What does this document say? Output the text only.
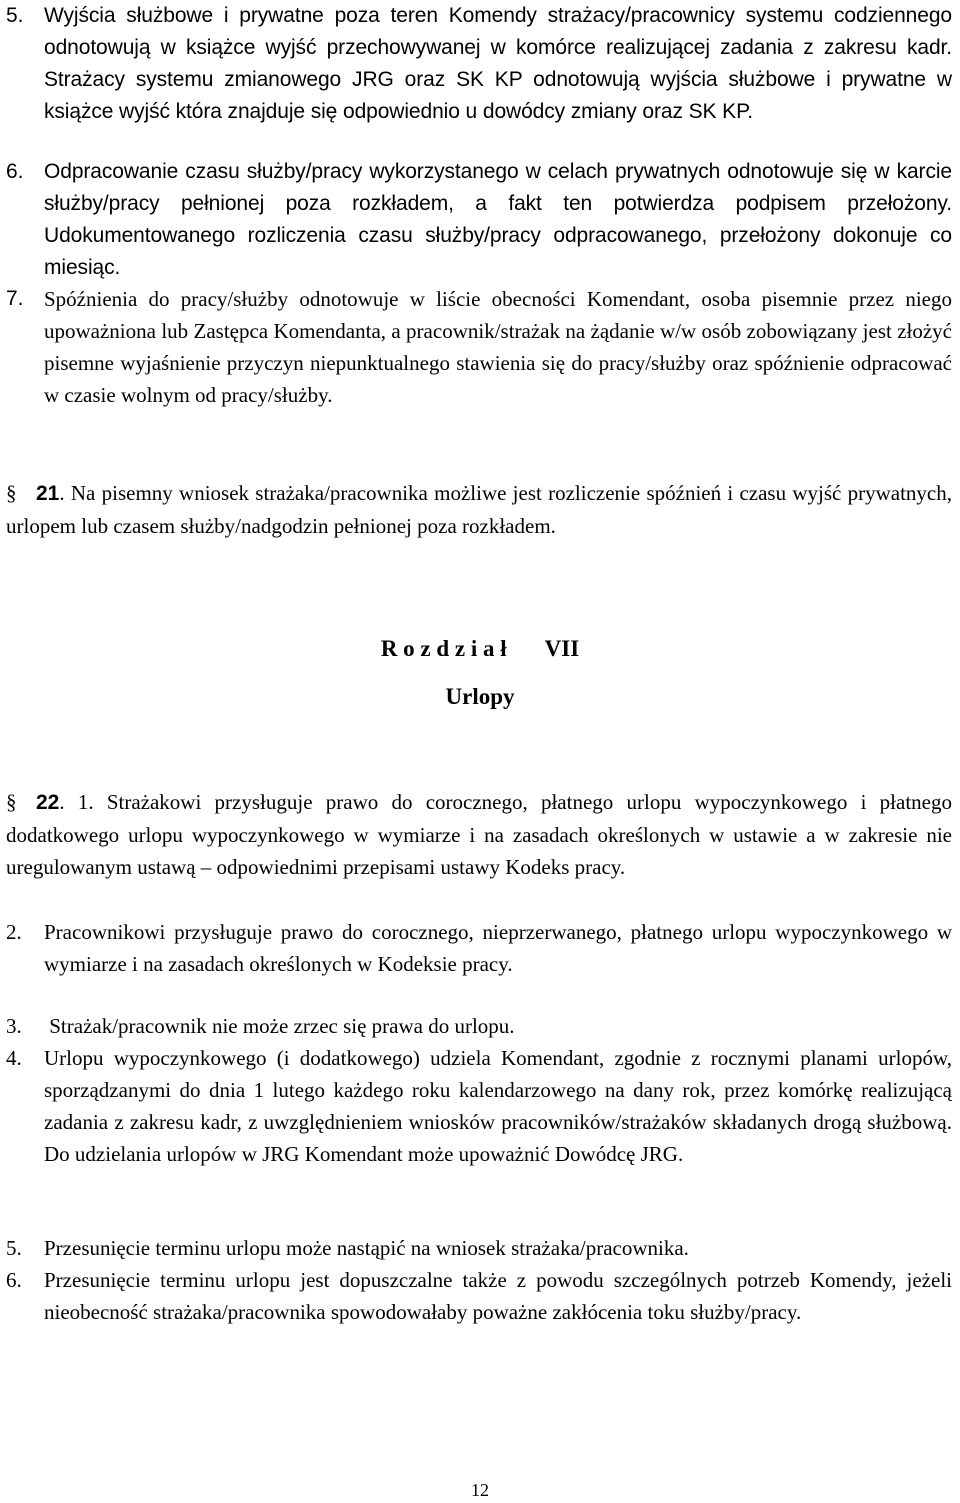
5. Wyjścia służbowe i prywatne poza teren Komendy strażacy/pracownicy systemu codziennego odnotowują w książce wyjść przechowywanej w komórce realizującej zadania z zakresu kadr. Strażacy systemu zmianowego JRG oraz SK KP odnotowują wyjścia służbowe i prywatne w książce wyjść która znajduje się odpowiednio u dowódcy zmiany oraz SK KP.
6. Odpracowanie czasu służby/pracy wykorzystanego w celach prywatnych odnotowuje się w karcie służby/pracy pełnionej poza rozkładem, a fakt ten potwierdza podpisem przełożony. Udokumentowanego rozliczenia czasu służby/pracy odpracowanego, przełożony dokonuje co miesiąc.
7. Spóźnienia do pracy/służby odnotowuje w liście obecności Komendant, osoba pisemnie przez niego upoważniona lub Zastępca Komendanta, a pracownik/strażak na żądanie w/w osób zobowiązany jest złożyć pisemne wyjaśnienie przyczyn niepunktualnego stawienia się do pracy/służby oraz spóźnienie odpracować w czasie wolnym od pracy/służby.
§ 21. Na pisemny wniosek strażaka/pracownika możliwe jest rozliczenie spóźnień i czasu wyjść prywatnych, urlopem lub czasem służby/nadgodzin pełnionej poza rozkładem.
R o z d z i a ł VII
Urlopy
§ 22. 1. Strażakowi przysługuje prawo do corocznego, płatnego urlopu wypoczynkowego i płatnego dodatkowego urlopu wypoczynkowego w wymiarze i na zasadach określonych w ustawie a w zakresie nie uregulowanym ustawą – odpowiednimi przepisami ustawy Kodeks pracy.
2.	Pracownikowi przysługuje prawo do corocznego, nieprzerwanego, płatnego urlopu wypoczynkowego w wymiarze i na zasadach określonych w Kodeksie pracy.
3.	Strażak/pracownik nie może zrzec się prawa do urlopu.
4.	Urlopu wypoczynkowego (i dodatkowego) udziela Komendant, zgodnie z rocznymi planami urlopów, sporządzanymi do dnia 1 lutego każdego roku kalendarzowego na dany rok, przez komórkę realizującą zadania z zakresu kadr, z uwzględnieniem wniosków pracowników/strażaków składanych drogą służbową. Do udzielania urlopów w JRG Komendant może upoważnić Dowódcę JRG.
5.	Przesunięcie terminu urlopu może nastąpić na wniosek strażaka/pracownika.
6.	Przesunięcie terminu urlopu jest dopuszczalne także z powodu szczególnych potrzeb Komendy, jeżeli nieobecność strażaka/pracownika spowodowałaby poważne zakłócenia toku służby/pracy.
12
